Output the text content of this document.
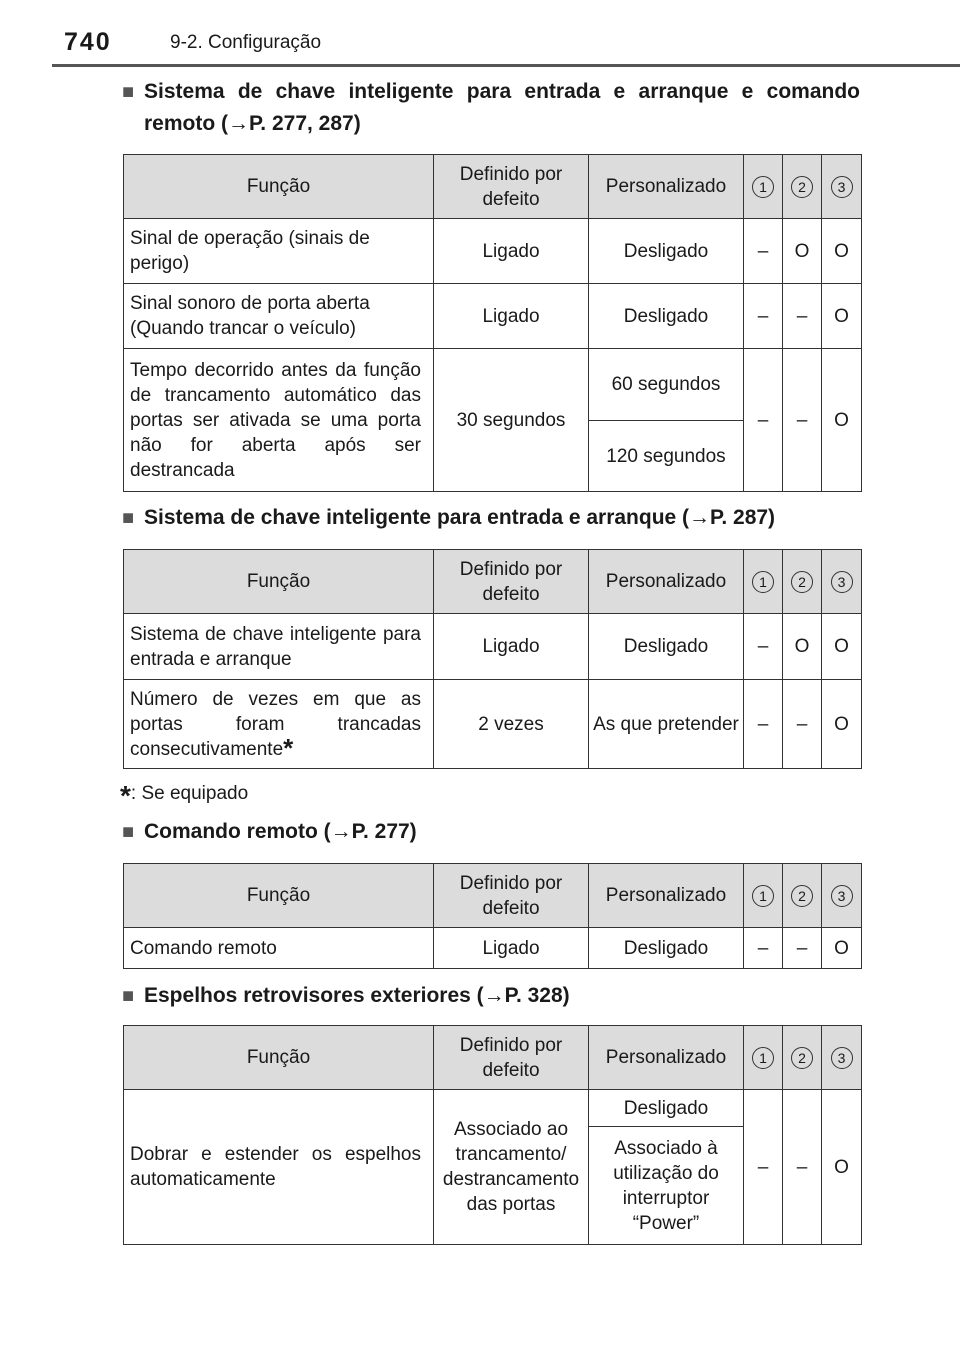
740	9-2. Configuração
■ Sistema de chave inteligente para entrada e arranque e comando remoto (→P. 277, 287)
Função	Definido por defeito	Personalizado	1	2	3
Sinal de operação (sinais de perigo)	Ligado	Desligado	–	O	O
Sinal sonoro de porta aberta (Quando trancar o veículo)	Ligado	Desligado	–	–	O
Tempo decorrido antes da função de trancamento automático das portas ser ativada se uma porta não for aberta após ser destrancada	30 segundos	60 segundos	–	–	O
		120 segundos			
■ Sistema de chave inteligente para entrada e arranque (→P. 287)
Função	Definido por defeito	Personalizado	1	2	3
Sistema de chave inteligente para entrada e arranque	Ligado	Desligado	–	O	O
Número de vezes em que as portas foram trancadas consecutivamente*	2 vezes	As que pretender	–	–	O
*: Se equipado
■ Comando remoto (→P. 277)
Função	Definido por defeito	Personalizado	1	2	3
Comando remoto	Ligado	Desligado	–	–	O
■ Espelhos retrovisores exteriores (→P. 328)
Função	Definido por defeito	Personalizado	1	2	3
Dobrar e estender os espelhos automaticamente	Associado ao trancamento/ destrancamento das portas	Desligado	–	–	O
		Associado à utilização do interruptor “Power”			
